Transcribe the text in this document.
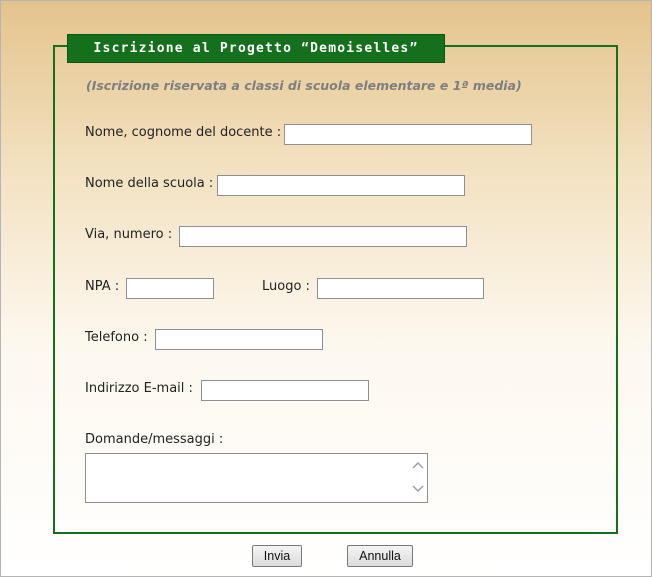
Iscrizione al Progetto “Demoiselles”
(Iscrizione riservata a classi di scuola elementare e 1ª media)
Nome, cognome del docente :
Nome della scuola :
Via, numero :
NPA :	Luogo :
Telefono :
Indirizzo E-mail :
Domande/messaggi :
Invia	Annulla
